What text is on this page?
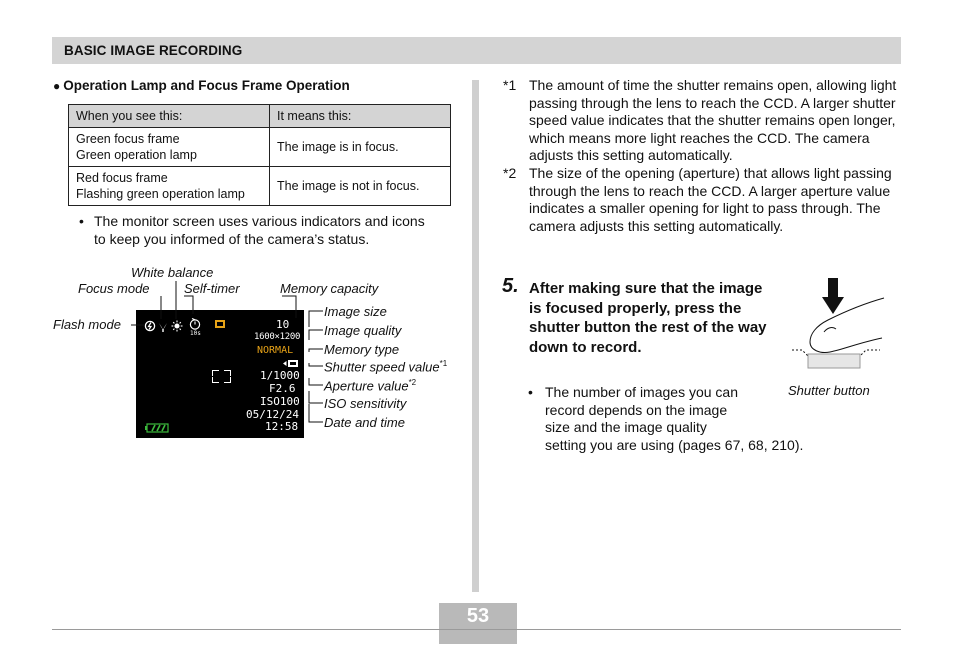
BASIC IMAGE RECORDING
● Operation Lamp and Focus Frame Operation
When you see this:	It means this:
Green focus frame
Green operation lamp	The image is in focus.
Red focus frame
Flashing green operation lamp	The image is not in focus.
• The monitor screen uses various indicators and icons to keep you informed of the camera’s status.
White balance
Focus mode	Self-timer	Memory capacity
Flash mode
Image size
Image quality
Memory type
Shutter speed value$^{*1}$
Aperture value$^{*2}$
ISO sensitivity
Date and time
10s
10
1600×1200
NORMAL
1/1000
F2.6
ISO100
05/12/24
12:58
*1 The amount of time the shutter remains open, allowing light passing through the lens to reach the CCD. A larger shutter speed value indicates that the shutter remains open longer, which means more light reaches the CCD. The camera adjusts this setting automatically.
*2 The size of the opening (aperture) that allows light passing through the lens to reach the CCD. A larger aperture value indicates a smaller opening for light to pass through. The camera adjusts this setting automatically.
5. After making sure that the image is focused properly, press the shutter button the rest of the way down to record.
• The number of images you can
record depends on the image
size and the image quality
setting you are using (pages 67, 68, 210).
Shutter button
53
